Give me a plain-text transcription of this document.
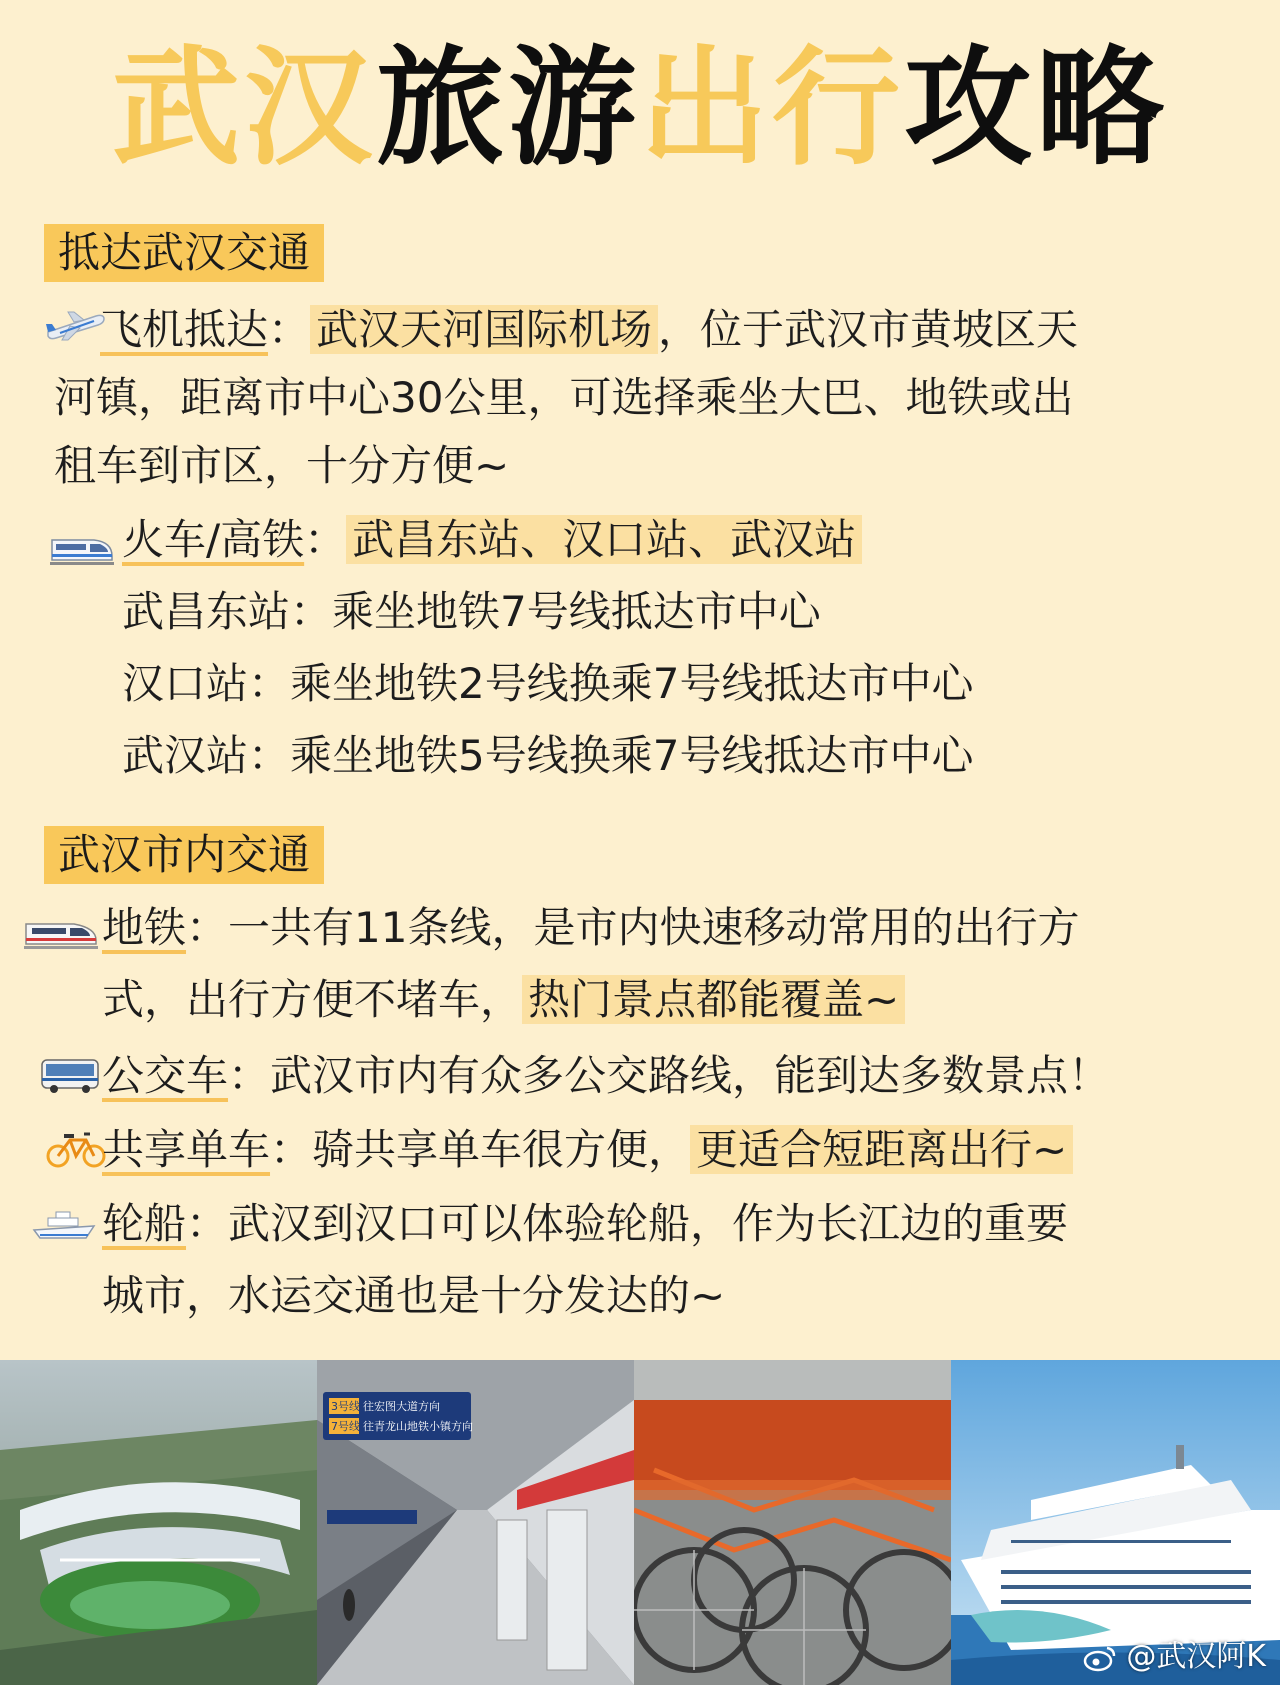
武汉旅游出行攻略
抵达武汉交通
飞机抵达： 武汉天河国际机场 ，位于武汉市黄坡区天
河镇，距离市中心30公里，可选择乘坐大巴、地铁或出
租车到市区，十分方便~
火车/高铁： 武昌东站、汉口站、武汉站
武昌东站：乘坐地铁7号线抵达市中心
汉口站：乘坐地铁2号线换乘7号线抵达市中心
武汉站：乘坐地铁5号线换乘7号线抵达市中心
武汉市内交通
地铁：一共有11条线，是市内快速移动常用的出行方
式，出行方便不堵车， 热门景点都能覆盖~
公交车：武汉市内有众多公交路线，能到达多数景点！
共享单车：骑共享单车很方便， 更适合短距离出行~
轮船：武汉到汉口可以体验轮船，作为长江边的重要
城市，水运交通也是十分发达的~
3号线 往宏图大道方向
7号线 往青龙山地铁小镇方向
@武汉阿K
